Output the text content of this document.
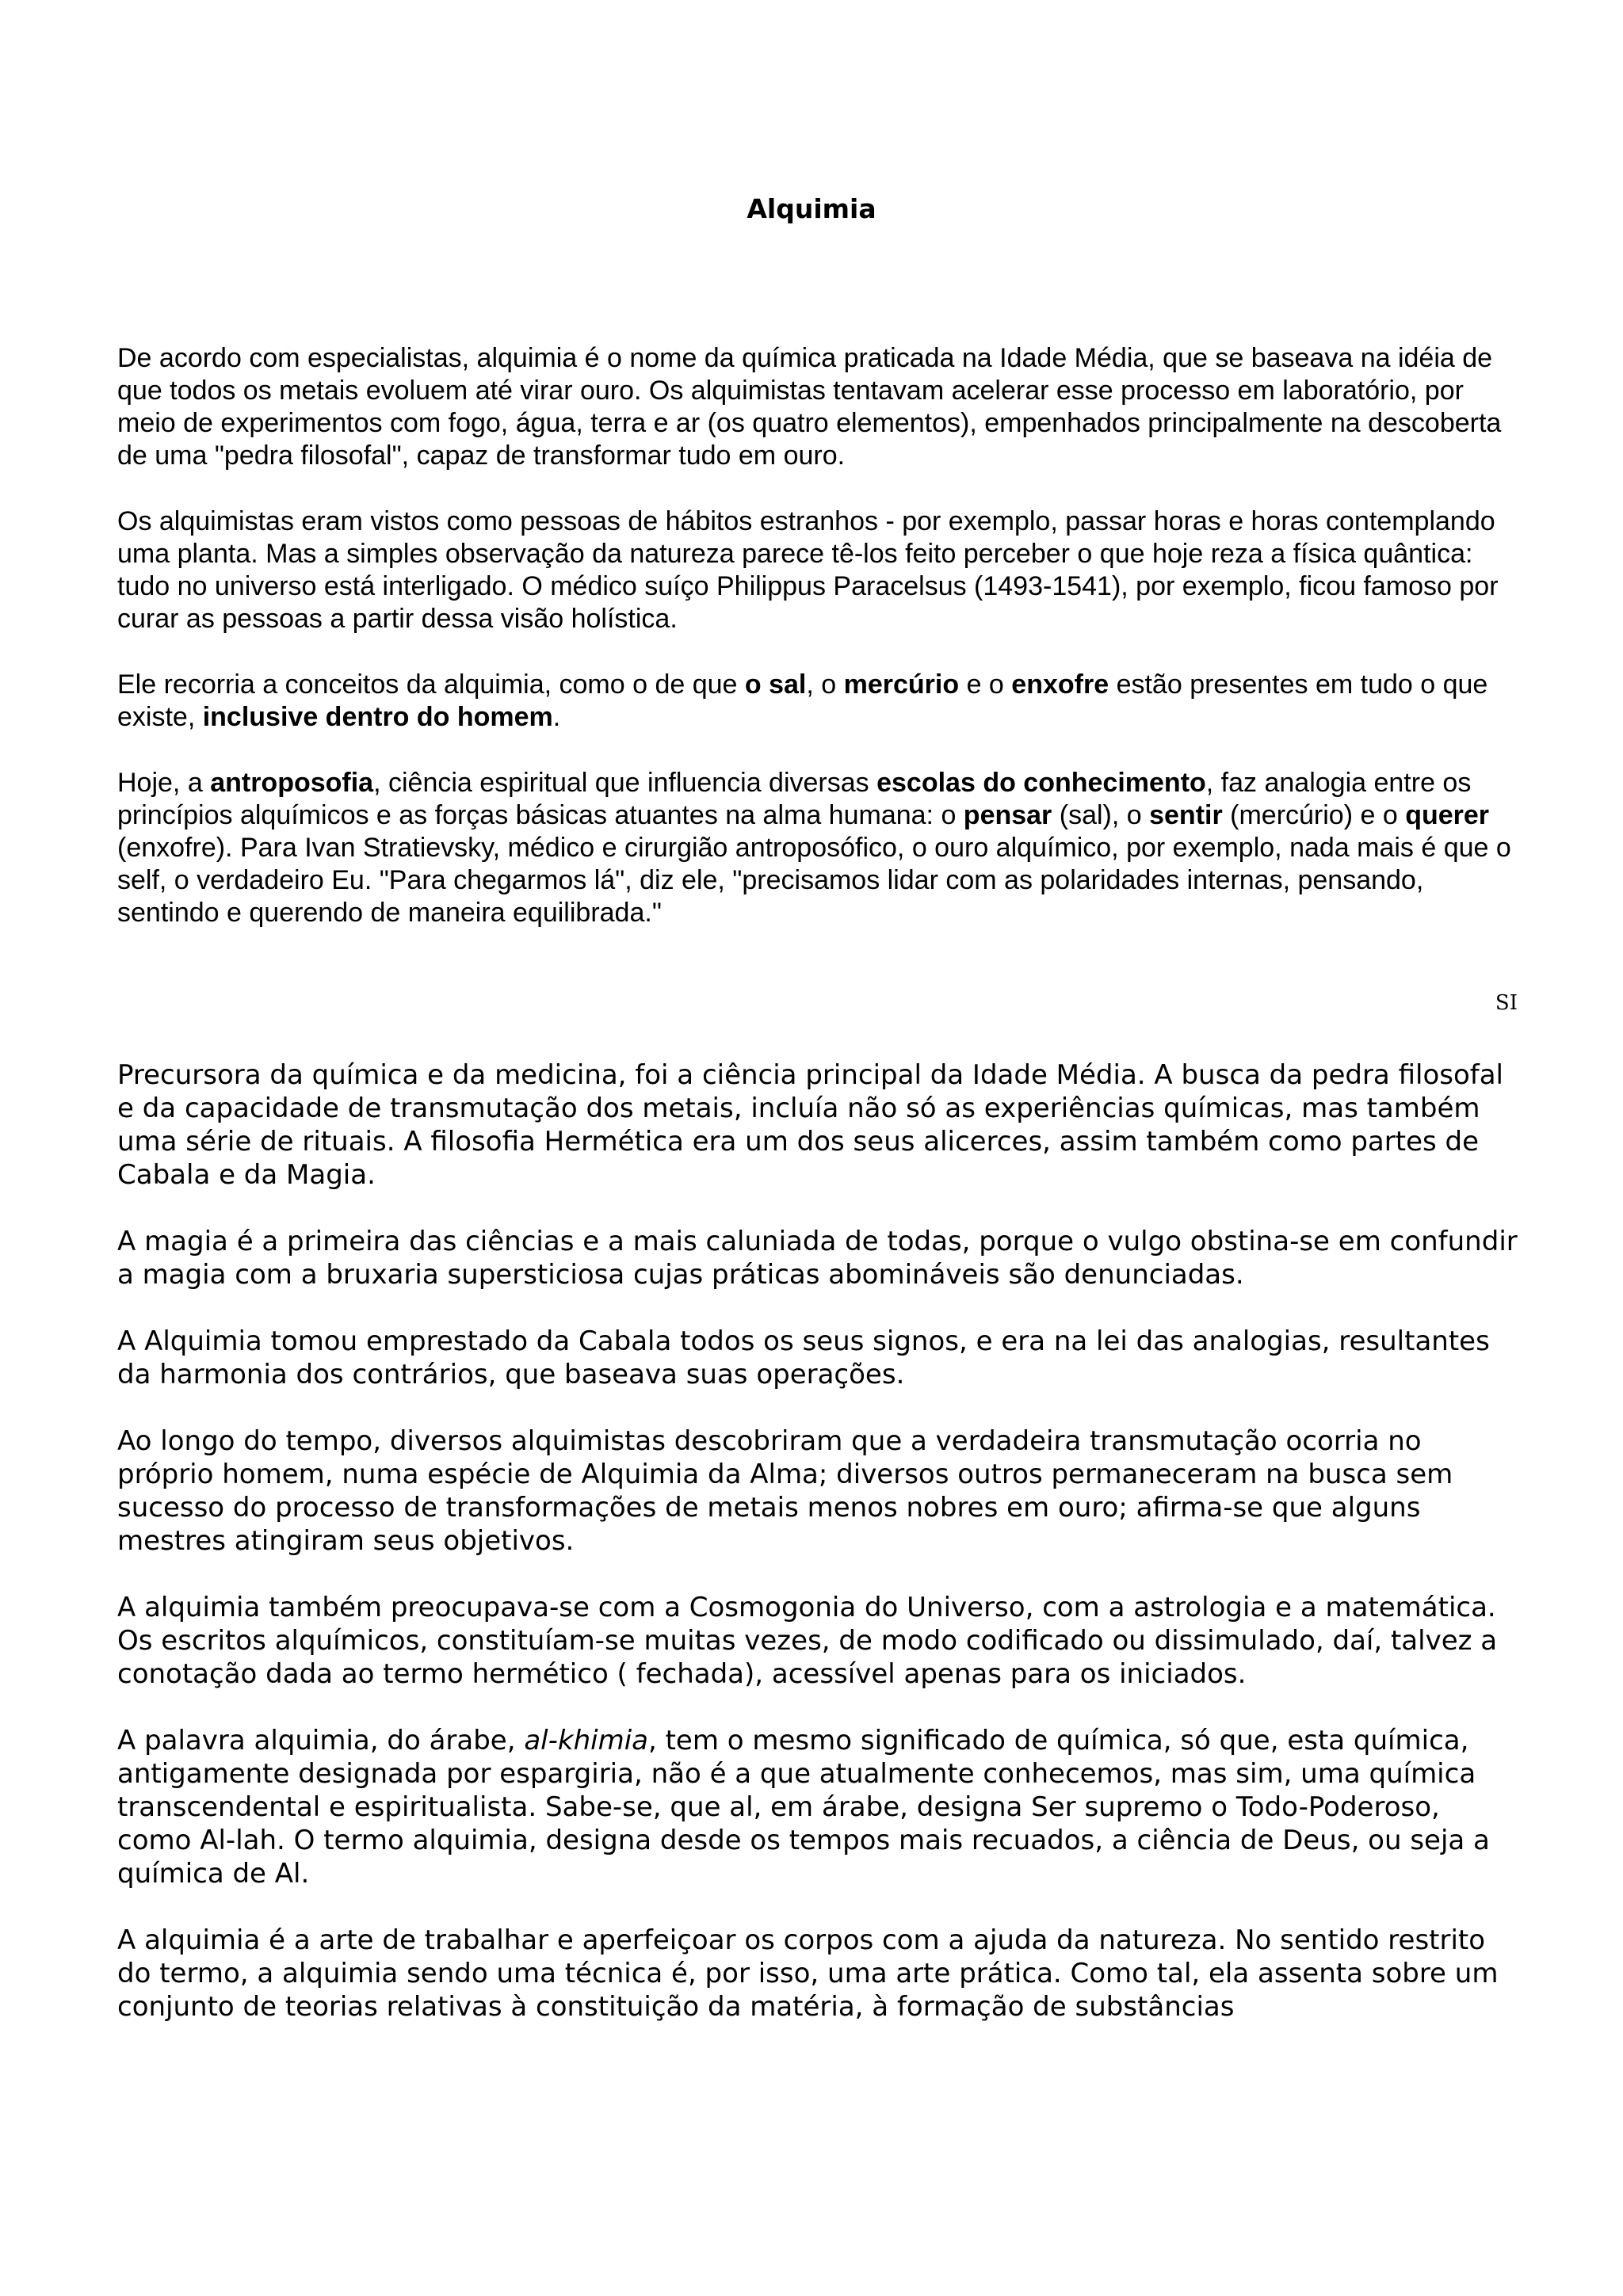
Alquimia

De acordo com especialistas, alquimia é o nome da química praticada na Idade Média, que se baseava na idéia de que todos os metais evoluem até virar ouro. Os alquimistas tentavam acelerar esse processo em laboratório, por meio de experimentos com fogo, água, terra e ar (os quatro elementos), empenhados principalmente na descoberta de uma "pedra filosofal", capaz de transformar tudo em ouro.

Os alquimistas eram vistos como pessoas de hábitos estranhos - por exemplo, passar horas e horas contemplando uma planta. Mas a simples observação da natureza parece tê-los feito perceber o que hoje reza a física quântica: tudo no universo está interligado. O médico suíço Philippus Paracelsus (1493-1541), por exemplo, ficou famoso por curar as pessoas a partir dessa visão holística.

Ele recorria a conceitos da alquimia, como o de que o sal, o mercúrio e o enxofre estão presentes em tudo o que existe, inclusive dentro do homem.

Hoje, a antroposofia, ciência espiritual que influencia diversas escolas do conhecimento, faz analogia entre os princípios alquímicos e as forças básicas atuantes na alma humana: o pensar (sal), o sentir (mercúrio) e o querer (enxofre). Para Ivan Stratievsky, médico e cirurgião antroposófico, o ouro alquímico, por exemplo, nada mais é que o self, o verdadeiro Eu. "Para chegarmos lá", diz ele, "precisamos lidar com as polaridades internas, pensando, sentindo e querendo de maneira equilibrada."

SI

Precursora da química e da medicina, foi a ciência principal da Idade Média. A busca da pedra filosofal e da capacidade de transmutação dos metais, incluía não só as experiências químicas, mas também uma série de rituais. A filosofia Hermética era um dos seus alicerces, assim também como partes de Cabala e da Magia.

A magia é a primeira das ciências e a mais caluniada de todas, porque o vulgo obstina-se em confundir a magia com a bruxaria supersticiosa cujas práticas abomináveis são denunciadas.

A Alquimia tomou emprestado da Cabala todos os seus signos, e era na lei das analogias, resultantes da harmonia dos contrários, que baseava suas operações.

Ao longo do tempo, diversos alquimistas descobriram que a verdadeira transmutação ocorria no próprio homem, numa espécie de Alquimia da Alma; diversos outros permaneceram na busca sem sucesso do processo de transformações de metais menos nobres em ouro; afirma-se que alguns mestres atingiram seus objetivos.

A alquimia também preocupava-se com a Cosmogonia do Universo, com a astrologia e a matemática. Os escritos alquímicos, constituíam-se muitas vezes, de modo codificado ou dissimulado, daí, talvez a conotação dada ao termo hermético ( fechada), acessível apenas para os iniciados.

A palavra alquimia, do árabe, al-khimia, tem o mesmo significado de química, só que, esta química, antigamente designada por espargiria, não é a que atualmente conhecemos, mas sim, uma química transcendental e espiritualista. Sabe-se, que al, em árabe, designa Ser supremo o Todo-Poderoso, como Al-lah. O termo alquimia, designa desde os tempos mais recuados, a ciência de Deus, ou seja a química de Al.

A alquimia é a arte de trabalhar e aperfeiçoar os corpos com a ajuda da natureza. No sentido restrito do termo, a alquimia sendo uma técnica é, por isso, uma arte prática. Como tal, ela assenta sobre um conjunto de teorias relativas à constituição da matéria, à formação de substâncias
